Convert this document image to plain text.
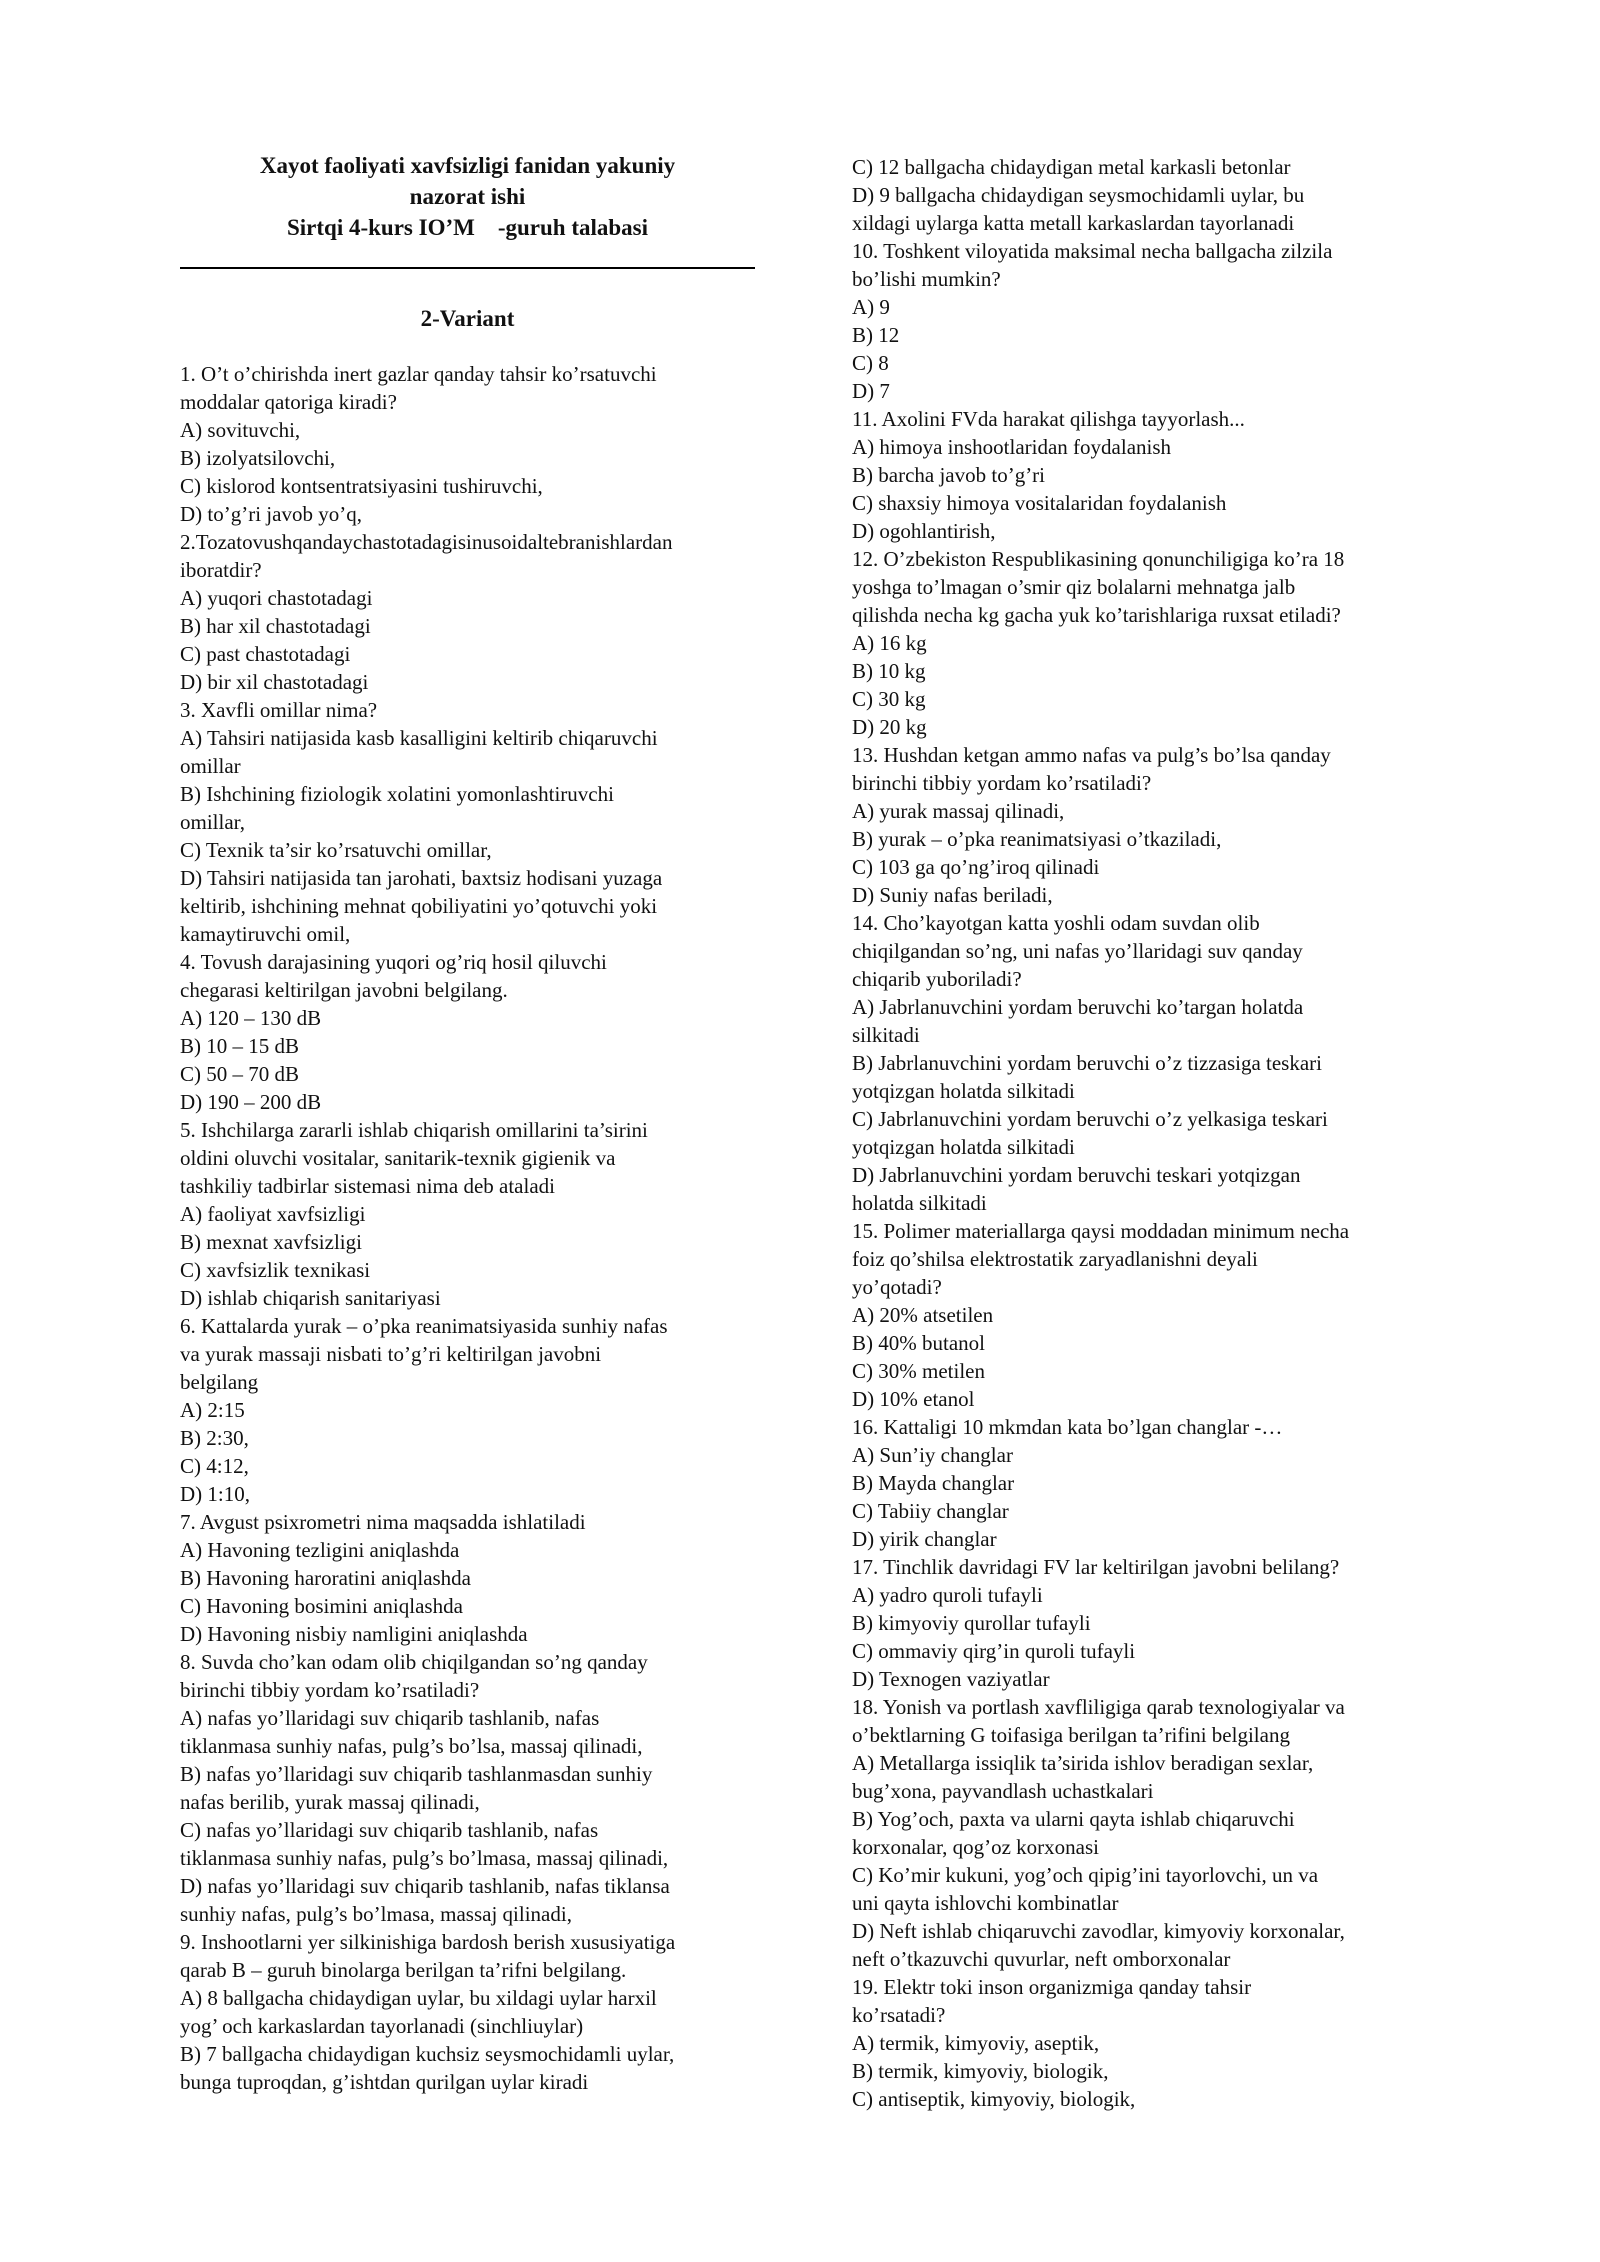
Xayot faoliyati xavfsizligi fanidan yakuniy
nazorat ishi
Sirtqi 4-kurs IO’M    -guruh talabasi
2-Variant
1. O’t o’chirishda inert gazlar qanday tahsir ko’rsatuvchi
moddalar qatoriga kiradi?
A) sovituvchi,
B) izolyatsilovchi,
C) kislorod kontsentratsiyasini tushiruvchi,
D) to’g’ri javob yo’q,
2.Tozatovushqandaychastotadagisinusoidaltebranishlardan
iboratdir?
A) yuqori chastotadagi
B) har xil chastotadagi
C) past chastotadagi
D) bir xil chastotadagi
3. Xavfli omillar nima?
A) Tahsiri natijasida kasb kasalligini keltirib chiqaruvchi
omillar
B) Ishchining fiziologik xolatini yomonlashtiruvchi
omillar,
C) Texnik ta’sir ko’rsatuvchi omillar,
D) Tahsiri natijasida tan jarohati, baxtsiz hodisani yuzaga
keltirib, ishchining mehnat qobiliyatini yo’qotuvchi yoki
kamaytiruvchi omil,
4. Tovush darajasining yuqori og’riq hosil qiluvchi
chegarasi keltirilgan javobni belgilang.
A) 120 – 130 dB
B) 10 – 15 dB
C) 50 – 70 dB
D) 190 – 200 dB
5. Ishchilarga zararli ishlab chiqarish omillarini ta’sirini
oldini oluvchi vositalar, sanitarik-texnik gigienik va
tashkiliy tadbirlar sistemasi nima deb ataladi
A) faoliyat xavfsizligi
B) mexnat xavfsizligi
C) xavfsizlik texnikasi
D) ishlab chiqarish sanitariyasi
6. Kattalarda yurak – o’pka reanimatsiyasida sunhiy nafas
va yurak massaji nisbati to’g’ri keltirilgan javobni
belgilang
A) 2:15
B) 2:30,
C) 4:12,
D) 1:10,
7. Avgust psixrometri nima maqsadda ishlatiladi
A) Havoning tezligini aniqlashda
B) Havoning haroratini aniqlashda
C) Havoning bosimini aniqlashda
D) Havoning nisbiy namligini aniqlashda
8. Suvda cho’kan odam olib chiqilgandan so’ng qanday
birinchi tibbiy yordam ko’rsatiladi?
A) nafas yo’llaridagi suv chiqarib tashlanib, nafas
tiklanmasa sunhiy nafas, pulg’s bo’lsa, massaj qilinadi,
B) nafas yo’llaridagi suv chiqarib tashlanmasdan sunhiy
nafas berilib, yurak massaj qilinadi,
C) nafas yo’llaridagi suv chiqarib tashlanib, nafas
tiklanmasa sunhiy nafas, pulg’s bo’lmasa, massaj qilinadi,
D) nafas yo’llaridagi suv chiqarib tashlanib, nafas tiklansa
sunhiy nafas, pulg’s bo’lmasa, massaj qilinadi,
9. Inshootlarni yer silkinishiga bardosh berish xususiyatiga
qarab B – guruh binolarga berilgan ta’rifni belgilang.
A) 8 ballgacha chidaydigan uylar, bu xildagi uylar harxil
yog’ och karkaslardan tayorlanadi (sinchliuylar)
B) 7 ballgacha chidaydigan kuchsiz seysmochidamli uylar,
bunga tuproqdan, g’ishtdan qurilgan uylar kiradi
C) 12 ballgacha chidaydigan metal karkasli betonlar
D) 9 ballgacha chidaydigan seysmochidamli uylar, bu
xildagi uylarga katta metall karkaslardan tayorlanadi
10. Toshkent viloyatida maksimal necha ballgacha zilzila
bo’lishi mumkin?
A) 9
B) 12
C) 8
D) 7
11. Axolini FVda harakat qilishga tayyorlash...
A) himoya inshootlaridan foydalanish
B) barcha javob to’g’ri
C) shaxsiy himoya vositalaridan foydalanish
D) ogohlantirish,
12. O’zbekiston Respublikasining qonunchiligiga ko’ra 18
yoshga to’lmagan o’smir qiz bolalarni mehnatga jalb
qilishda necha kg gacha yuk ko’tarishlariga ruxsat etiladi?
A) 16 kg
B) 10 kg
C) 30 kg
D) 20 kg
13. Hushdan ketgan ammo nafas va pulg’s bo’lsa qanday
birinchi tibbiy yordam ko’rsatiladi?
A) yurak massaj qilinadi,
B) yurak – o’pka reanimatsiyasi o’tkaziladi,
C) 103 ga qo’ng’iroq qilinadi
D) Suniy nafas beriladi,
14. Cho’kayotgan katta yoshli odam suvdan olib
chiqilgandan so’ng, uni nafas yo’llaridagi suv qanday
chiqarib yuboriladi?
A) Jabrlanuvchini yordam beruvchi ko’targan holatda
silkitadi
B) Jabrlanuvchini yordam beruvchi o’z tizzasiga teskari
yotqizgan holatda silkitadi
C) Jabrlanuvchini yordam beruvchi o’z yelkasiga teskari
yotqizgan holatda silkitadi
D) Jabrlanuvchini yordam beruvchi teskari yotqizgan
holatda silkitadi
15. Polimer materiallarga qaysi moddadan minimum necha
foiz qo’shilsa elektrostatik zaryadlanishni deyali
yo’qotadi?
A) 20% atsetilen
B) 40% butanol
C) 30% metilen
D) 10% etanol
16. Kattaligi 10 mkmdan kata bo’lgan changlar -…
A) Sun’iy changlar
B) Mayda changlar
C) Tabiiy changlar
D) yirik changlar
17. Tinchlik davridagi FV lar keltirilgan javobni belilang?
A) yadro quroli tufayli
B) kimyoviy qurollar tufayli
C) ommaviy qirg’in quroli tufayli
D) Texnogen vaziyatlar
18. Yonish va portlash xavfliligiga qarab texnologiyalar va
o’bektlarning G toifasiga berilgan ta’rifini belgilang
A) Metallarga issiqlik ta’sirida ishlov beradigan sexlar,
bug’xona, payvandlash uchastkalari
B) Yog’och, paxta va ularni qayta ishlab chiqaruvchi
korxonalar, qog’oz korxonasi
C) Ko’mir kukuni, yog’och qipig’ini tayorlovchi, un va
uni qayta ishlovchi kombinatlar
D) Neft ishlab chiqaruvchi zavodlar, kimyoviy korxonalar,
neft o’tkazuvchi quvurlar, neft omborxonalar
19. Elektr toki inson organizmiga qanday tahsir
ko’rsatadi?
A) termik, kimyoviy, aseptik,
B) termik, kimyoviy, biologik,
C) antiseptik, kimyoviy, biologik,
